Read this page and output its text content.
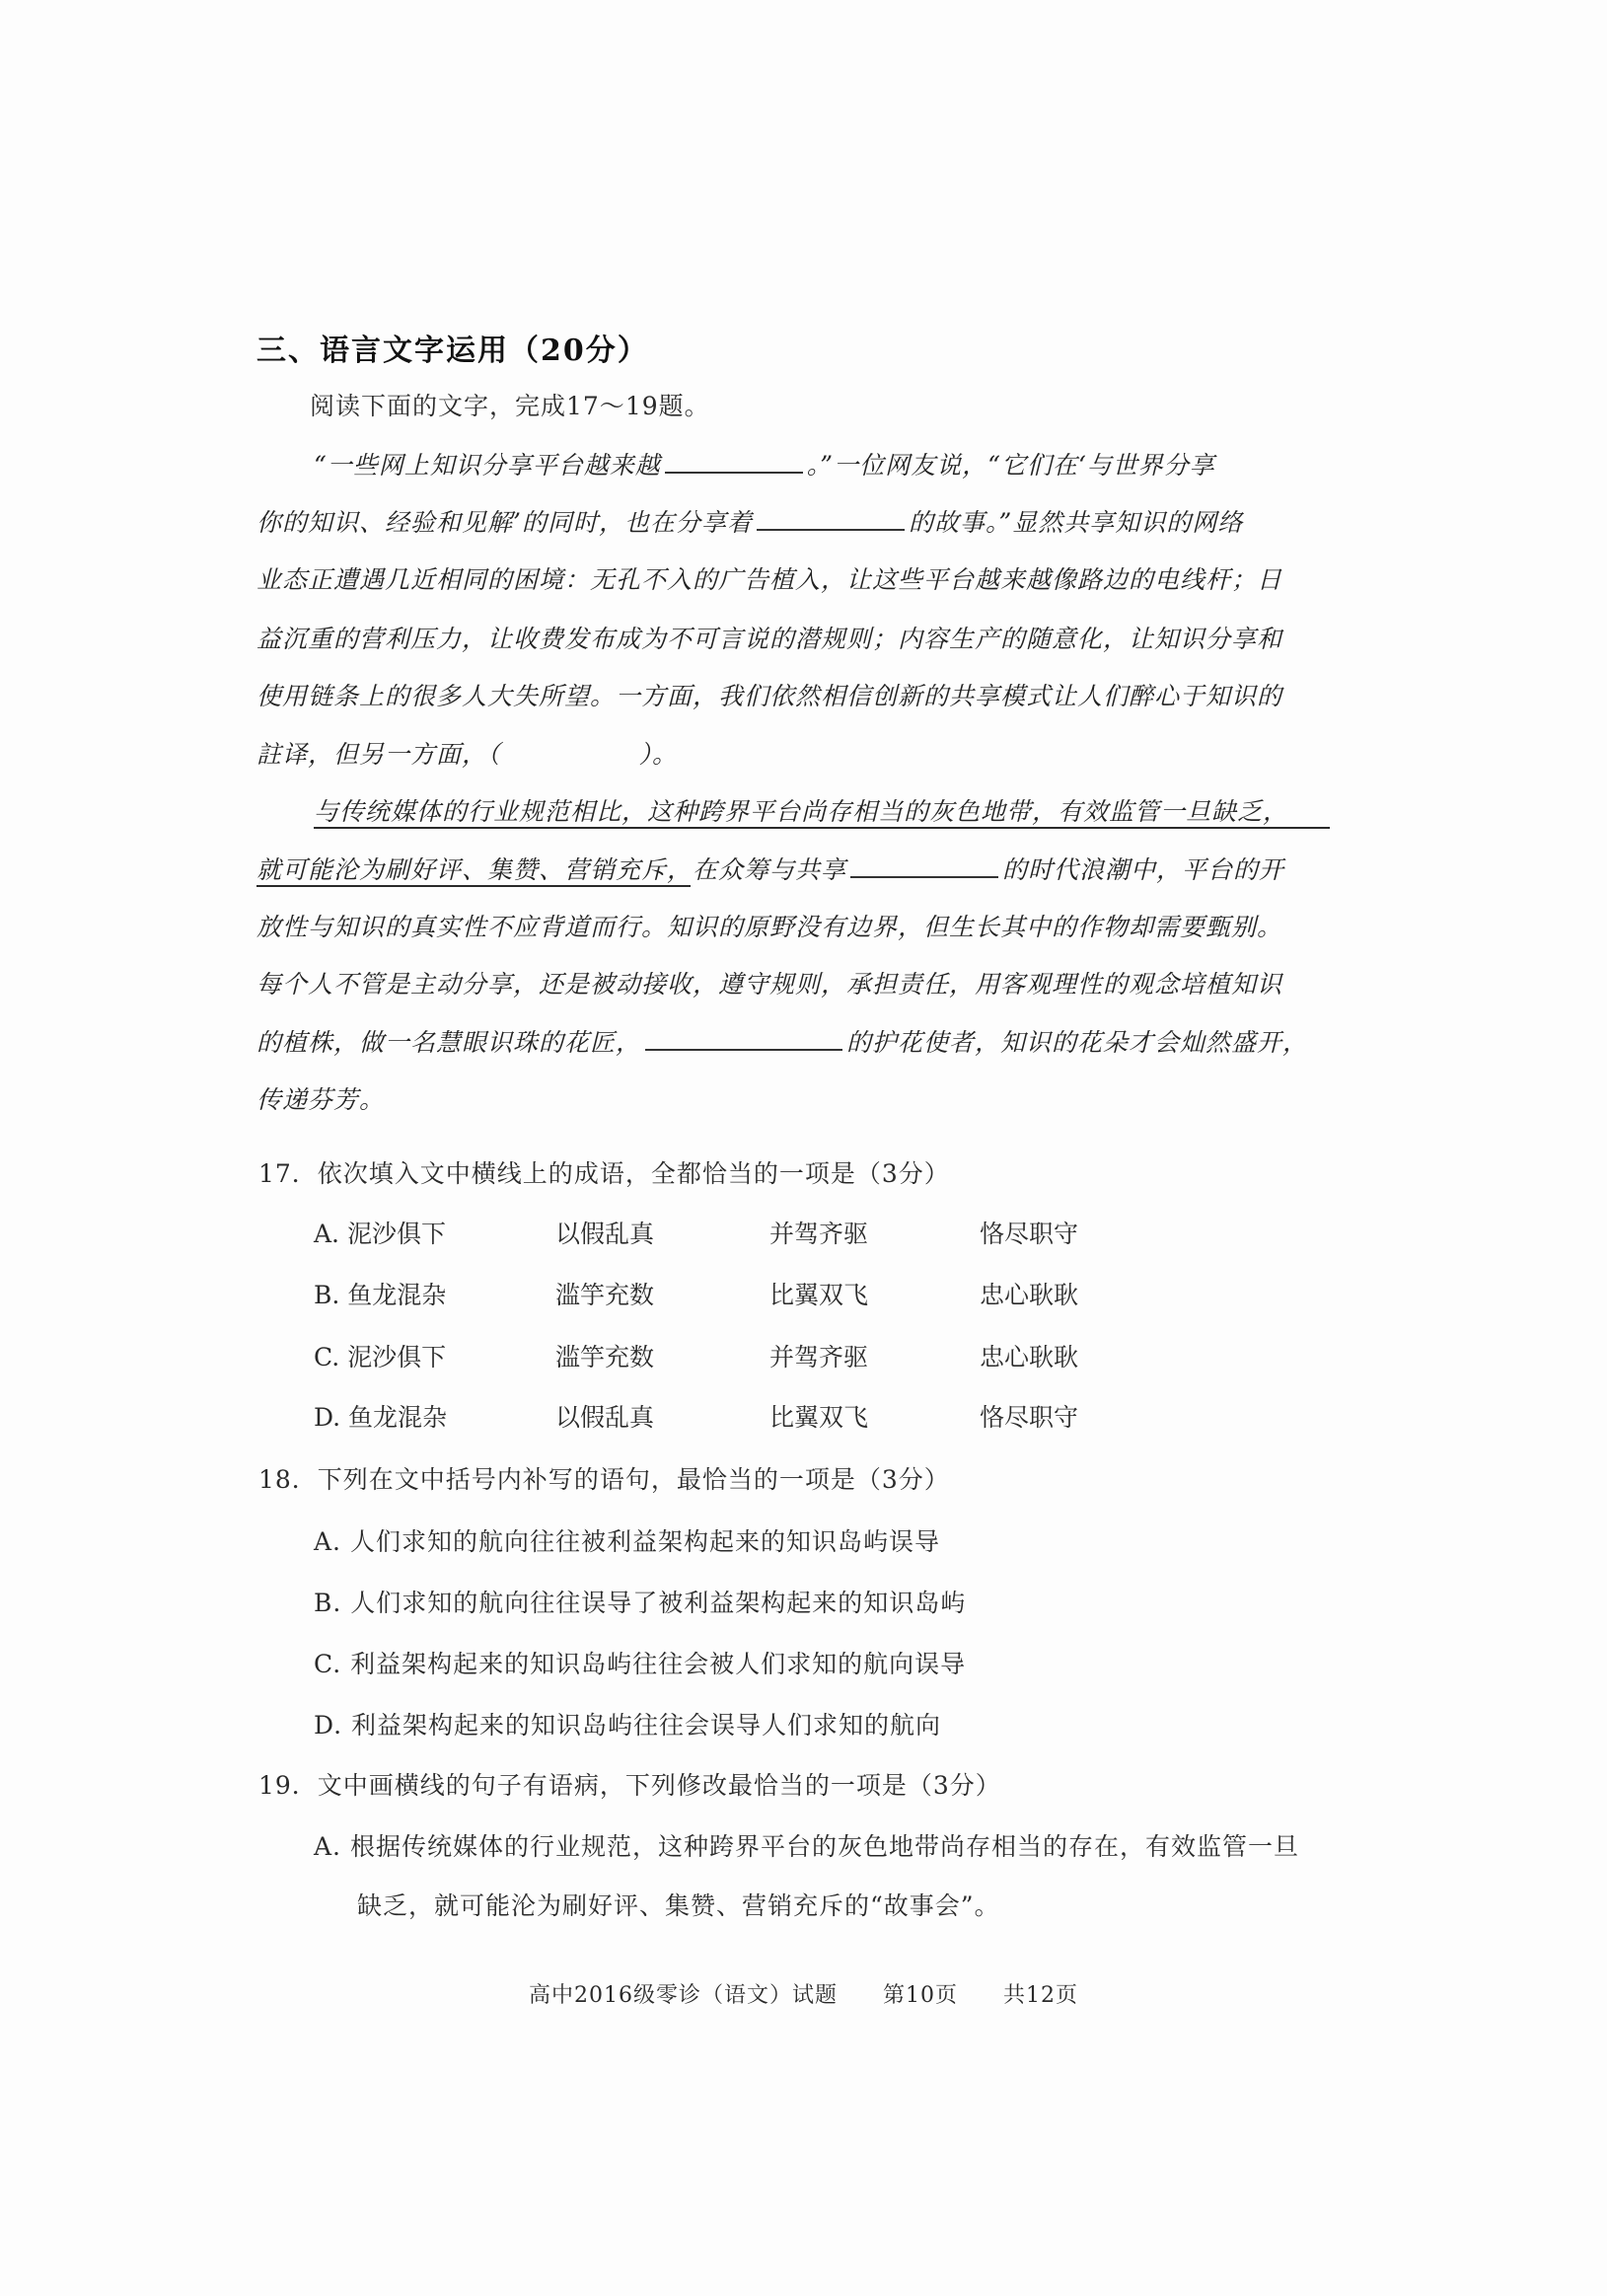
三、语言文字运用（20分）
阅读下面的文字，完成17～19题。
“一些网上知识分享平台越来越	。”一位网友说，“它们在‘与世界分享
你的知识、经验和见解’的同时，也在分享着	的故事。”显然共享知识的网络
业态正遭遇几近相同的困境：无孔不入的广告植入，让这些平台越来越像路边的电线杆；日
益沉重的营利压力，让收费发布成为不可言说的潜规则；内容生产的随意化，让知识分享和
使用链条上的很多人大失所望。一方面，我们依然相信创新的共享模式让人们醉心于知识的
註译，但另一方面，（	）。
与传统媒体的行业规范相比，这种跨界平台尚存相当的灰色地带，有效监管一旦缺乏，
就可能沦为刷好评、集赞、营销充斥，在众筹与共享	的时代浪潮中，平台的开
放性与知识的真实性不应背道而行。知识的原野没有边界，但生长其中的作物却需要甄别。
每个人不管是主动分享，还是被动接收，遵守规则，承担责任，用客观理性的观念培植知识
的植株，做一名慧眼识珠的花匠，	的护花使者，知识的花朵才会灿然盛开，
传递芬芳。
17．依次填入文中横线上的成语，全都恰当的一项是（3分）
A. 泥沙俱下	以假乱真	并驾齐驱	恪尽职守
B. 鱼龙混杂	滥竽充数	比翼双飞	忠心耿耿
C. 泥沙俱下	滥竽充数	并驾齐驱	忠心耿耿
D. 鱼龙混杂	以假乱真	比翼双飞	恪尽职守
18．下列在文中括号内补写的语句，最恰当的一项是（3分）
A. 人们求知的航向往往被利益架构起来的知识岛屿误导
B. 人们求知的航向往往误导了被利益架构起来的知识岛屿
C. 利益架构起来的知识岛屿往往会被人们求知的航向误导
D. 利益架构起来的知识岛屿往往会误导人们求知的航向
19．文中画横线的句子有语病，下列修改最恰当的一项是（3分）
A. 根据传统媒体的行业规范，这种跨界平台的灰色地带尚存相当的存在，有效监管一旦
缺乏，就可能沦为刷好评、集赞、营销充斥的“故事会”。
高中2016级零诊（语文）试题　　第10页　　共12页
